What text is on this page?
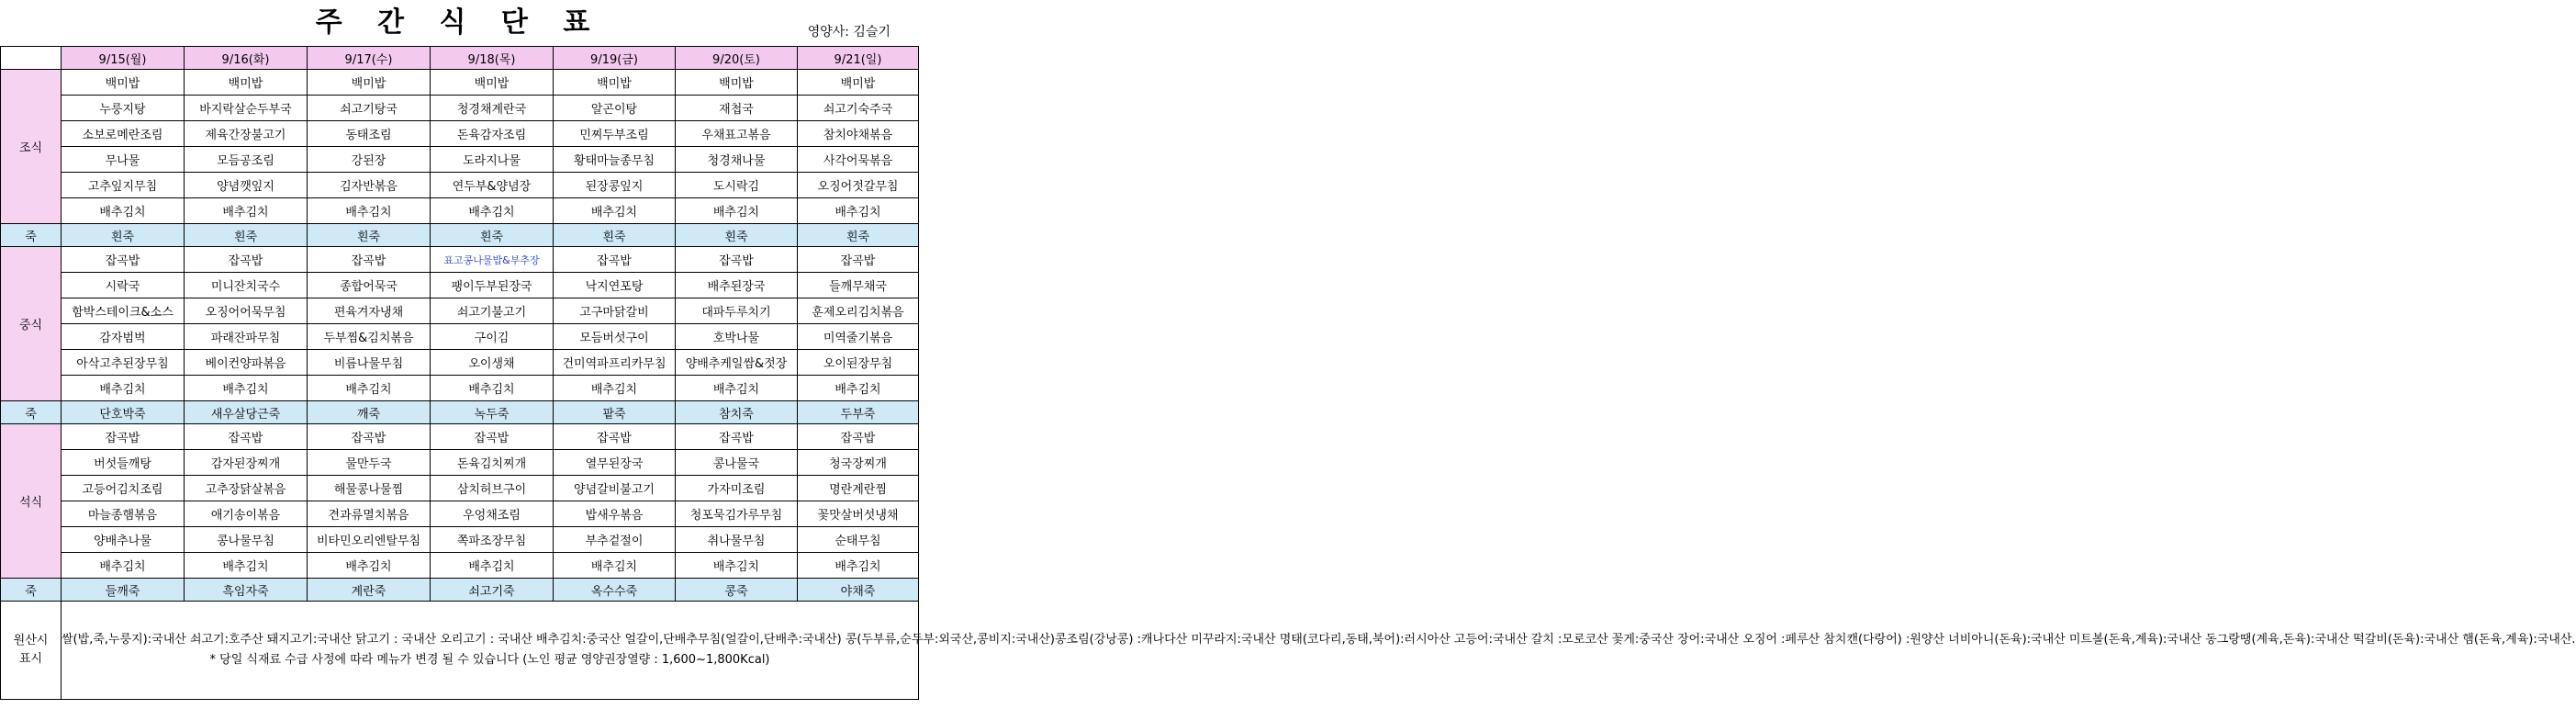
주 간 식 단 표	영양사: 김슬기
	9/15(월)	9/16(화)	9/17(수)	9/18(목)	9/19(금)	9/20(토)	9/21(일)
조식	백미밥	백미밥	백미밥	백미밥	백미밥	백미밥	백미밥
	누룽지탕	바지락살순두부국	쇠고기탕국	청경채계란국	알곤이탕	재첩국	쇠고기숙주국
	소보로메란조림	제육간장불고기	동태조림	돈육감자조림	민찌두부조림	우채표고볶음	참치야채볶음
	무나물	모듬공조림	강된장	도라지나물	황태마늘종무침	청경채나물	사각어묵볶음
	고추잎지무침	양념깻잎지	김자반볶음	연두부&양념장	된장콩잎지	도시락김	오징어젓갈무침
	배추김치	배추김치	배추김치	배추김치	배추김치	배추김치	배추김치
죽	흰죽	흰죽	흰죽	흰죽	흰죽	흰죽	흰죽
중식	잡곡밥	잡곡밥	잡곡밥	표고콩나물밥&부추장	잡곡밥	잡곡밥	잡곡밥
	시락국	미니잔치국수	종합어묵국	팽이두부된장국	낙지연포탕	배추된장국	들깨무채국
	함박스테이크&소스	오징어어묵무침	편육겨자냉채	쇠고기불고기	고구마닭갈비	대파두루치기	훈제오리김치볶음
	감자범벅	파래잔파무침	두부찜&김치볶음	구이김	모듬버섯구이	호박나물	미역줄기볶음
	아삭고추된장무침	베이컨양파볶음	비름나물무침	오이생채	건미역파프리카무침	양배추케일쌈&젓장	오이된장무침
	배추김치	배추김치	배추김치	배추김치	배추김치	배추김치	배추김치
죽	단호박죽	새우살당근죽	깨죽	녹두죽	팥죽	참치죽	두부죽
석식	잡곡밥	잡곡밥	잡곡밥	잡곡밥	잡곡밥	잡곡밥	잡곡밥
	버섯들깨탕	감자된장찌개	물만두국	돈육김치찌개	열무된장국	콩나물국	청국장찌개
	고등어김치조림	고추장닭살볶음	해물콩나물찜	삼치허브구이	양념갈비불고기	가자미조림	명란계란찜
	마늘종햄볶음	애기송이볶음	견과류멸치볶음	우엉채조림	밥새우볶음	청포묵김가루무침	꽃맛살버섯냉채
	양배추나물	콩나물무침	비타민오리엔탈무침	쪽파조장무침	부추겉절이	취나물무침	순태무침
	배추김치	배추김치	배추김치	배추김치	배추김치	배추김치	배추김치
죽	들깨죽	흑임자죽	계란죽	쇠고기죽	옥수수죽	콩죽	야채죽
원산시
표시	쌀(밥,죽,누룽지):국내산 쇠고기:호주산 돼지고기:국내산 닭고기 : 국내산 오리고기 : 국내산 배추김치:중국산 얼갈이,단배추무침(얼갈이,단배추:국내산) 콩(두부류,순두부:외국산,콩비지:국내산)콩조림(강낭콩) :캐나다산 미꾸라지:국내산 명태(코다리,동태,북어):러시아산 고등어:국내산 갈치 :모로코산 꽃게:중국산 장어:국내산 오징어 :페루산 참치캔(다랑어) :원양산 너비아니(돈육):국내산 미트볼(돈육,계육):국내산 동그랑땡(계육,돈육):국내산 떡갈비(돈육):국내산 햄(돈육,계육):국내산.
* 당일 식재료 수급 사정에 따라 메뉴가 변경 될 수 있습니다 (노인 평균 영양권장열량 : 1,600~1,800Kcal)						
